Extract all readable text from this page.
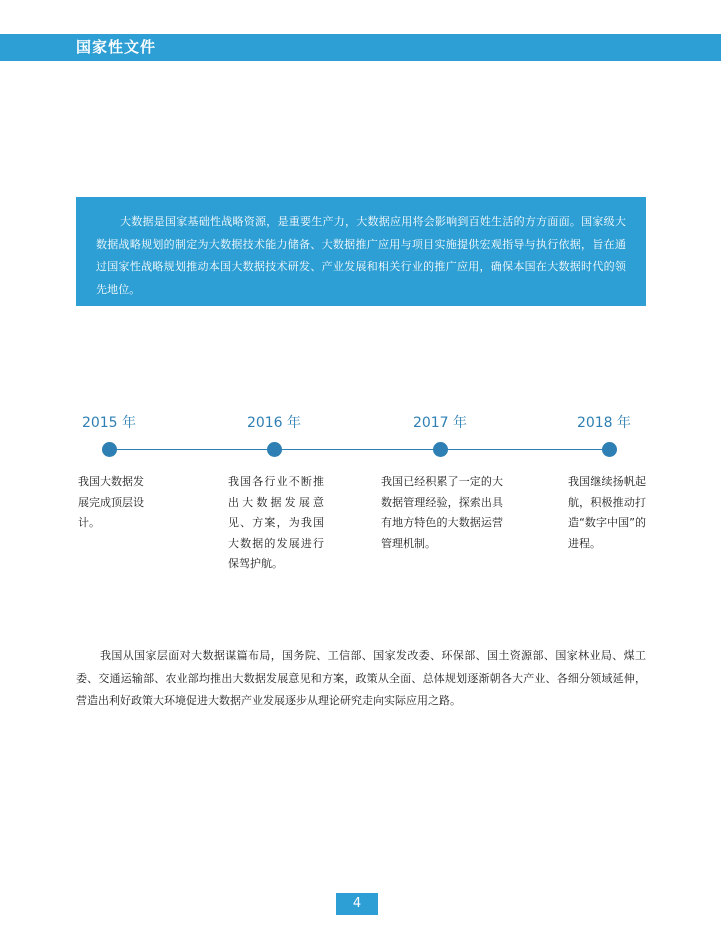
国家性文件

大数据是国家基础性战略资源，是重要生产力，大数据应用将会影响到百姓生活的方方面面。国家级大数据战略规划的制定为大数据技术能力储备、大数据推广应用与项目实施提供宏观指导与执行依据，旨在通过国家性战略规划推动本国大数据技术研发、产业发展和相关行业的推广应用，确保本国在大数据时代的领先地位。

2015 年

我国大数据发展完成顶层设计。

2016 年

我国各行业不断推出大数据发展意见、方案，为我国大数据的发展进行保驾护航。

2017 年

我国已经积累了一定的大数据管理经验，探索出具有地方特色的大数据运营管理机制。

2018 年

我国继续扬帆起航，积极推动打造“数字中国”的进程。

我国从国家层面对大数据谋篇布局，国务院、工信部、国家发改委、环保部、国土资源部、国家林业局、煤工委、交通运输部、农业部均推出大数据发展意见和方案，政策从全面、总体规划逐渐朝各大产业、各细分领域延伸，营造出利好政策大环境促进大数据产业发展逐步从理论研究走向实际应用之路。

4
